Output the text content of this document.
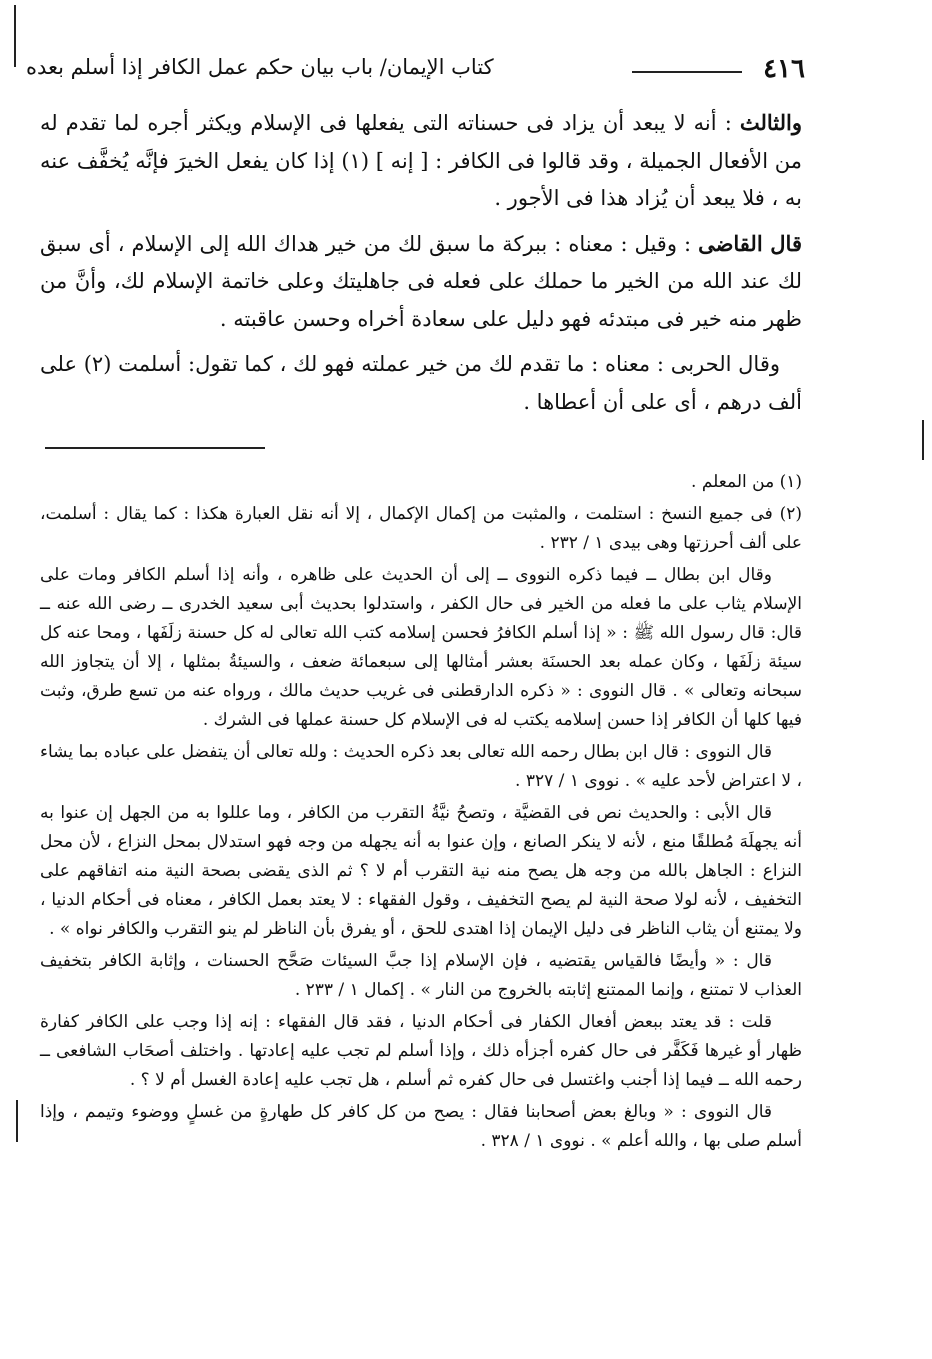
٤١٦
كتاب الإيمان/ باب بيان حكم عمل الكافر إذا أسلم بعده

والثالث : أنه لا يبعد أن يزاد فى حسناته التى يفعلها فى الإسلام ويكثر أجره لما تقدم له من الأفعال الجميلة ، وقد قالوا فى الكافر : [ إنه ] (١) إذا كان يفعل الخيرَ فإنَّه يُخفَّف عنه به ، فلا يبعد أن يُزاد هذا فى الأجور .

قال القاضى : وقيل : معناه : ببركة ما سبق لك من خير هداك الله إلى الإسلام ، أى سبق لك عند الله من الخير ما حملك على فعله فى جاهليتك وعلى خاتمة الإسلام لك، وأنَّ من ظهر منه خير فى مبتدئه فهو دليل على سعادة أخراه وحسن عاقبته .

وقال الحربى : معناه : ما تقدم لك من خير عملته فهو لك ، كما تقول: أسلمت (٢) على ألف درهم ، أى على أن أعطاها .

(١) من المعلم .

(٢) فى جميع النسخ : استلمت ، والمثبت من إكمال الإكمال ، إلا أنه نقل العبارة هكذا : كما يقال : أسلمت، على ألف أحرزتها وهى بيدى ١ / ٢٣٢ .

وقال ابن بطال ــ فيما ذكره النووى ــ إلى أن الحديث على ظاهره ، وأنه إذا أسلم الكافر ومات على الإسلام يثاب على ما فعله من الخير فى حال الكفر ، واستدلوا بحديث أبى سعيد الخدرى ــ رضى الله عنه ــ قال: قال رسول الله ﷺ : « إذا أسلم الكافرُ فحسن إسلامه كتب الله تعالى له كل حسنة زلَفَها ، ومحا عنه كل سيئة زلَفَها ، وكان عمله بعد الحسنَة بعشر أمثالها إلى سبعمائة ضعف ، والسيئةُ بمثلها ، إلا أن يتجاوز الله سبحانه وتعالى » . قال النووى : « ذكره الدارقطنى فى غريب حديث مالك ، ورواه عنه من تسع طرق، وثبت فيها كلها أن الكافر إذا حسن إسلامه يكتب له فى الإسلام كل حسنة عملها فى الشرك .

قال النووى : قال ابن بطال رحمه الله تعالى بعد ذكره الحديث : ولله تعالى أن يتفضل على عباده بما يشاء ، لا اعتراض لأحد عليه » . نووى ١ / ٣٢٧ .

قال الأبى : والحديث نص فى القضيَّة ، وتصحُ نيَّةُ التقرب من الكافر ، وما عللوا به من الجهل إن عنوا به أنه يجهلَهَ مُطلقًا منع ، لأنه لا ينكر الصانع ، وإن عنوا به أنه يجهله من وجه فهو استدلال بمحل النزاع ، لأن محل النزاع : الجاهل بالله من وجه هل يصح منه نية التقرب أم لا ؟ ثم الذى يقضى بصحة النية منه اتفاقهم على التخفيف ، لأنه لولا صحة النية لم يصح التخفيف ، وقول الفقهاء : لا يعتد بعمل الكافر ، معناه فى أحكام الدنيا ، ولا يمتنع أن يثاب الناظر فى دليل الإيمان إذا اهتدى للحق ، أو يفرق بأن الناظر لم ينو التقرب والكافر نواه » .

قال : « وأيضًا فالقياس يقتضيه ، فإن الإسلام إذا جبَّ السيئات صَحَّح الحسنات ، وإثابة الكافر بتخفيف العذاب لا تمتنع ، وإنما الممتنع إثابته بالخروج من النار » . إكمال ١ / ٢٣٣ .

قلت : قد يعتد ببعض أفعال الكفار فى أحكام الدنيا ، فقد قال الفقهاء : إنه إذا وجب على الكافر كفارة ظهار أو غيرها فَكَفَّر فى حال كفره أجزأه ذلك ، وإذا أسلم لم تجب عليه إعادتها . واختلف أصحَاب الشافعى ــ رحمه الله ــ فيما إذا أجنب واغتسل فى حال كفره ثم أسلم ، هل تجب عليه إعادة الغسل أم لا ؟ .

قال النووى : « وبالغ بعض أصحابنا فقال : يصح من كل كافر كل طهارةٍ من غسلٍ ووضوء وتيمم ، وإذا أسلم صلى بها ، والله أعلم » . نووى ١ / ٣٢٨ .
